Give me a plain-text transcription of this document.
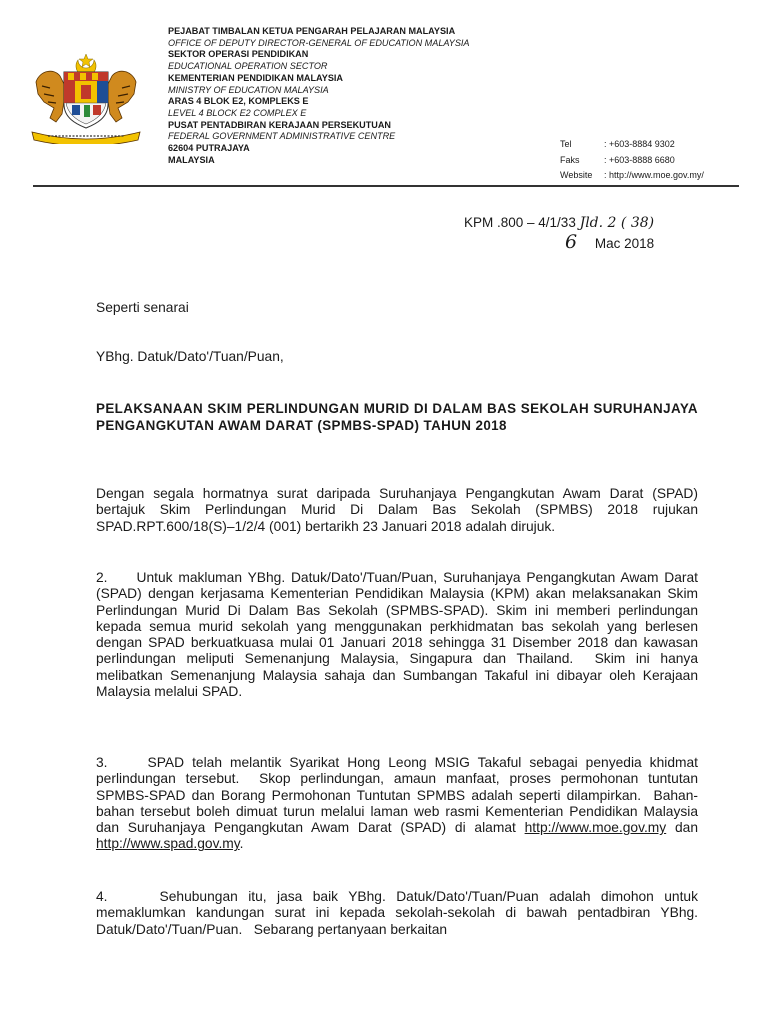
PEJABAT TIMBALAN KETUA PENGARAH PELAJARAN MALAYSIA
OFFICE OF DEPUTY DIRECTOR-GENERAL OF EDUCATION MALAYSIA
SEKTOR OPERASI PENDIDIKAN
EDUCATIONAL OPERATION SECTOR
KEMENTERIAN PENDIDIKAN MALAYSIA
MINISTRY OF EDUCATION MALAYSIA
ARAS 4 BLOK E2, KOMPLEKS E
LEVEL 4 BLOCK E2 COMPLEX E
PUSAT PENTADBIRAN KERAJAAN PERSEKUTUAN
FEDERAL GOVERNMENT ADMINISTRATIVE CENTRE
62604 PUTRAJAYA
MALAYSIA
Tel	: +603-8884 9302
Faks	: +603-8888 6680
Website	: http://www.moe.gov.my/
KPM .800 – 4/1/33 Jld. 2 ( 38)
6 Mac 2018
Seperti senarai
YBhg. Datuk/Dato'/Tuan/Puan,
PELAKSANAAN SKIM PERLINDUNGAN MURID DI DALAM BAS SEKOLAH SURUHANJAYA PENGANGKUTAN AWAM DARAT (SPMBS-SPAD) TAHUN 2018
Dengan segala hormatnya surat daripada Suruhanjaya Pengangkutan Awam Darat (SPAD) bertajuk Skim Perlindungan Murid Di Dalam Bas Sekolah (SPMBS) 2018 rujukan SPAD.RPT.600/18(S)–1/2/4 (001) bertarikh 23 Januari 2018 adalah dirujuk.
2.     Untuk makluman YBhg. Datuk/Dato'/Tuan/Puan, Suruhanjaya Pengangkutan Awam Darat (SPAD) dengan kerjasama Kementerian Pendidikan Malaysia (KPM) akan melaksanakan Skim Perlindungan Murid Di Dalam Bas Sekolah (SPMBS-SPAD). Skim ini memberi perlindungan kepada semua murid sekolah yang menggunakan perkhidmatan bas sekolah yang berlesen dengan SPAD berkuatkuasa mulai 01 Januari 2018 sehingga 31 Disember 2018 dan kawasan perlindungan meliputi Semenanjung Malaysia, Singapura dan Thailand.  Skim ini hanya melibatkan Semenanjung Malaysia sahaja dan Sumbangan Takaful ini dibayar oleh Kerajaan Malaysia melalui SPAD.
3.     SPAD telah melantik Syarikat Hong Leong MSIG Takaful sebagai penyedia khidmat perlindungan tersebut.  Skop perlindungan, amaun manfaat, proses permohonan tuntutan SPMBS-SPAD dan Borang Permohonan Tuntutan SPMBS adalah seperti dilampirkan.  Bahan-bahan tersebut boleh dimuat turun melalui laman web rasmi Kementerian Pendidikan Malaysia dan Suruhanjaya Pengangkutan Awam Darat (SPAD) di alamat http://www.moe.gov.my dan http://www.spad.gov.my.
4.     Sehubungan itu, jasa baik YBhg. Datuk/Dato'/Tuan/Puan adalah dimohon untuk memaklumkan kandungan surat ini kepada sekolah-sekolah di bawah pentadbiran YBhg. Datuk/Dato'/Tuan/Puan.   Sebarang pertanyaan berkaitan
